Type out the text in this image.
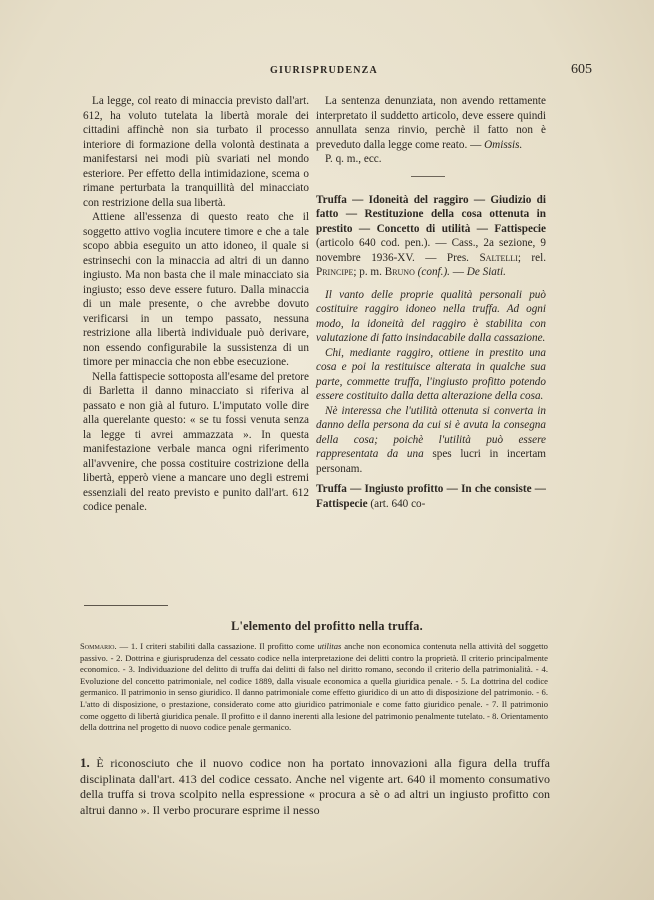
GIURISPRUDENZA	605

La legge, col reato di minaccia previsto dall'art. 612, ha voluto tutelata la libertà morale dei cittadini affinchè non sia turbato il processo interiore di formazione della volontà destinata a manifestarsi nei modi più svariati nel mondo esteriore. Per effetto della intimidazione, scema o rimane perturbata la tranquillità del minacciato con restrizione della sua libertà.

Attiene all'essenza di questo reato che il soggetto attivo voglia incutere timore e che a tale scopo abbia eseguito un atto idoneo, il quale si estrinsechi con la minaccia ad altri di un danno ingiusto. Ma non basta che il male minacciato sia ingiusto; esso deve essere futuro. Dalla minaccia di un male presente, o che avrebbe dovuto verificarsi in un tempo passato, nessuna restrizione alla libertà individuale può derivare, non essendo configurabile la sussistenza di un timore per minaccia che non ebbe esecuzione.

Nella fattispecie sottoposta all'esame del pretore di Barletta il danno minacciato si riferiva al passato e non già al futuro. L'imputato volle dire alla querelante questo: « se tu fossi venuta senza la legge ti avrei ammazzata ». In questa manifestazione verbale manca ogni riferimento all'avvenire, che possa costituire costrizione della libertà, epperò viene a mancare uno degli estremi essenziali del reato previsto e punito dall'art. 612 codice penale.

La sentenza denunziata, non avendo rettamente interpretato il suddetto articolo, deve essere quindi annullata senza rinvio, perchè il fatto non è preveduto dalla legge come reato. — Omissis.

P. q. m., ecc.

Truffa — Idoneità del raggiro — Giudizio di fatto — Restituzione della cosa ottenuta in prestito — Concetto di utilità — Fattispecie (articolo 640 cod. pen.). — Cass., 2a sezione, 9 novembre 1936-XV. — Pres. Saltelli; rel. Principe; p. m. Bruno (conf.). — De Siati.

Il vanto delle proprie qualità personali può costituire raggiro idoneo nella truffa. Ad ogni modo, la idoneità del raggiro è stabilita con valutazione di fatto insindacabile dalla cassazione.

Chi, mediante raggiro, ottiene in prestito una cosa e poi la restituisce alterata in qualche sua parte, commette truffa, l'ingiusto profitto potendo essere costituito dalla detta alterazione della cosa.

Nè interessa che l'utilità ottenuta si converta in danno della persona da cui si è avuta la consegna della cosa; poichè l'utilità può essere rappresentata da una spes lucri in incertam personam.

Truffa — Ingiusto profitto — In che consiste — Fattispecie (art. 640 co-

L'elemento del profitto nella truffa.

Sommario. — 1. I criteri stabiliti dalla cassazione. Il profitto come utilitas anche non economica contenuta nella attività del soggetto passivo. - 2. Dottrina e giurisprudenza del cessato codice nella interpretazione dei delitti contro la proprietà. Il criterio principalmente economico. - 3. Individuazione del delitto di truffa dai delitti di falso nel diritto romano, secondo il criterio della patrimonialità. - 4. Evoluzione del concetto patrimoniale, nel codice 1889, dalla visuale economica a quella giuridica penale. - 5. La dottrina del codice germanico. Il patrimonio in senso giuridico. Il danno patrimoniale come effetto giuridico di un atto di disposizione del patrimonio. - 6. L'atto di disposizione, o prestazione, considerato come atto giuridico patrimoniale e come fatto giuridico penale. - 7. Il patrimonio come oggetto di libertà giuridica penale. Il profitto e il danno inerenti alla lesione del patrimonio penalmente tutelato. - 8. Orientamento della dottrina nel progetto di nuovo codice penale germanico.

1. È riconosciuto che il nuovo codice non ha portato innovazioni alla figura della truffa disciplinata dall'art. 413 del codice cessato. Anche nel vigente art. 640 il momento consumativo della truffa si trova scolpito nella espressione « procura a sè o ad altri un ingiusto profitto con altrui danno ». Il verbo procurare esprime il nesso
